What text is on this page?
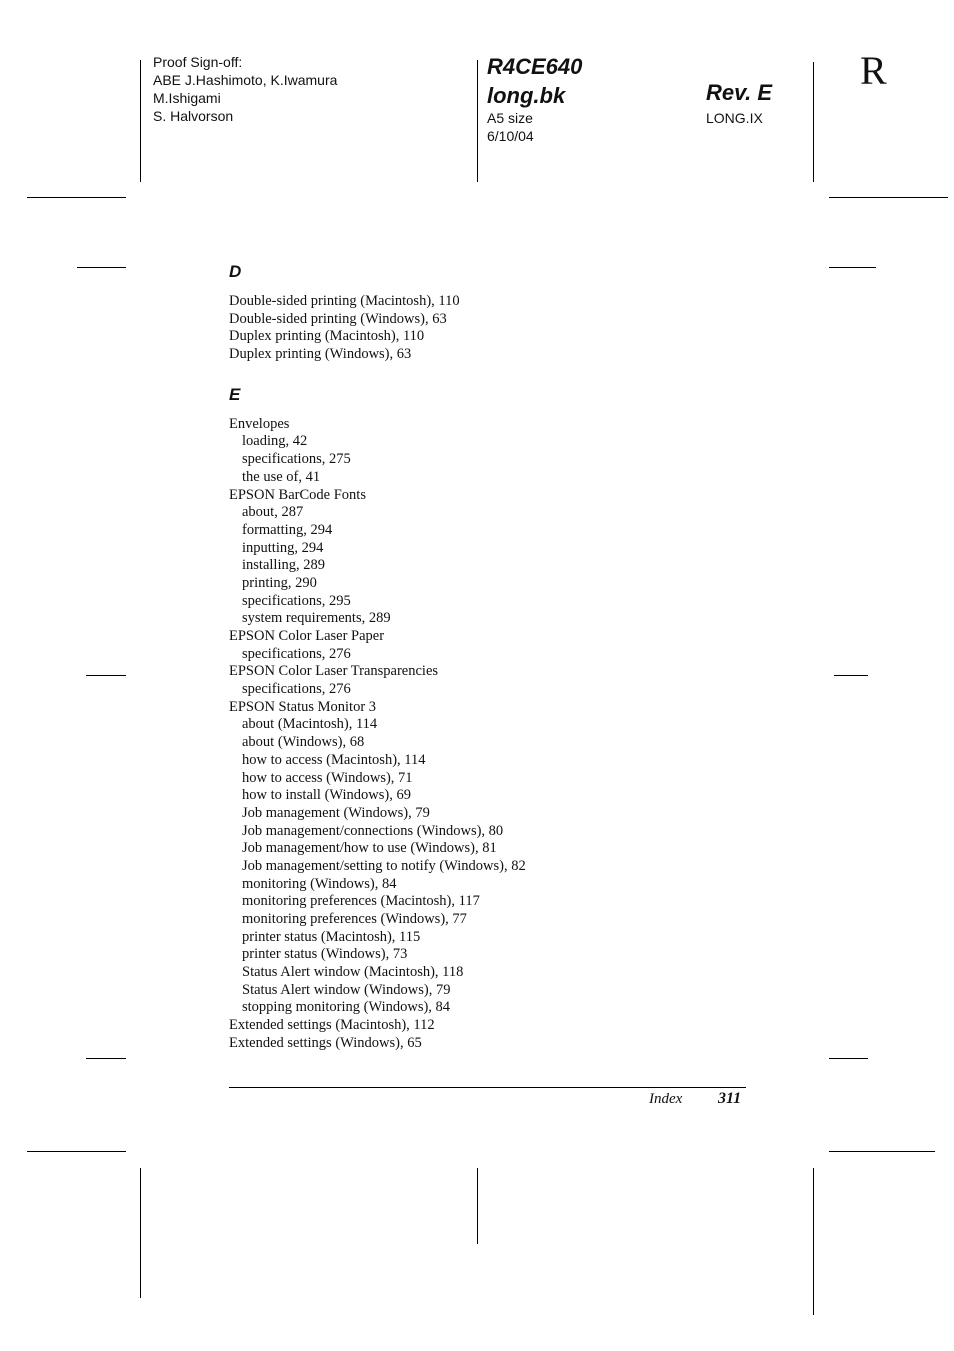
Proof Sign-off:
ABE J.Hashimoto, K.Iwamura
M.Ishigami
S. Halvorson
R4CE640
long.bk
A5 size
6/10/04
Rev. E
LONG.IX
R
D
Double-sided printing (Macintosh), 110
Double-sided printing (Windows), 63
Duplex printing (Macintosh), 110
Duplex printing (Windows), 63
E
Envelopes
loading, 42
specifications, 275
the use of, 41
EPSON BarCode Fonts
about, 287
formatting, 294
inputting, 294
installing, 289
printing, 290
specifications, 295
system requirements, 289
EPSON Color Laser Paper
specifications, 276
EPSON Color Laser Transparencies
specifications, 276
EPSON Status Monitor 3
about (Macintosh), 114
about (Windows), 68
how to access (Macintosh), 114
how to access (Windows), 71
how to install (Windows), 69
Job management (Windows), 79
Job management/connections (Windows), 80
Job management/how to use (Windows), 81
Job management/setting to notify (Windows), 82
monitoring (Windows), 84
monitoring preferences (Macintosh), 117
monitoring preferences (Windows), 77
printer status (Macintosh), 115
printer status (Windows), 73
Status Alert window (Macintosh), 118
Status Alert window (Windows), 79
stopping monitoring (Windows), 84
Extended settings (Macintosh), 112
Extended settings (Windows), 65
Index 311
